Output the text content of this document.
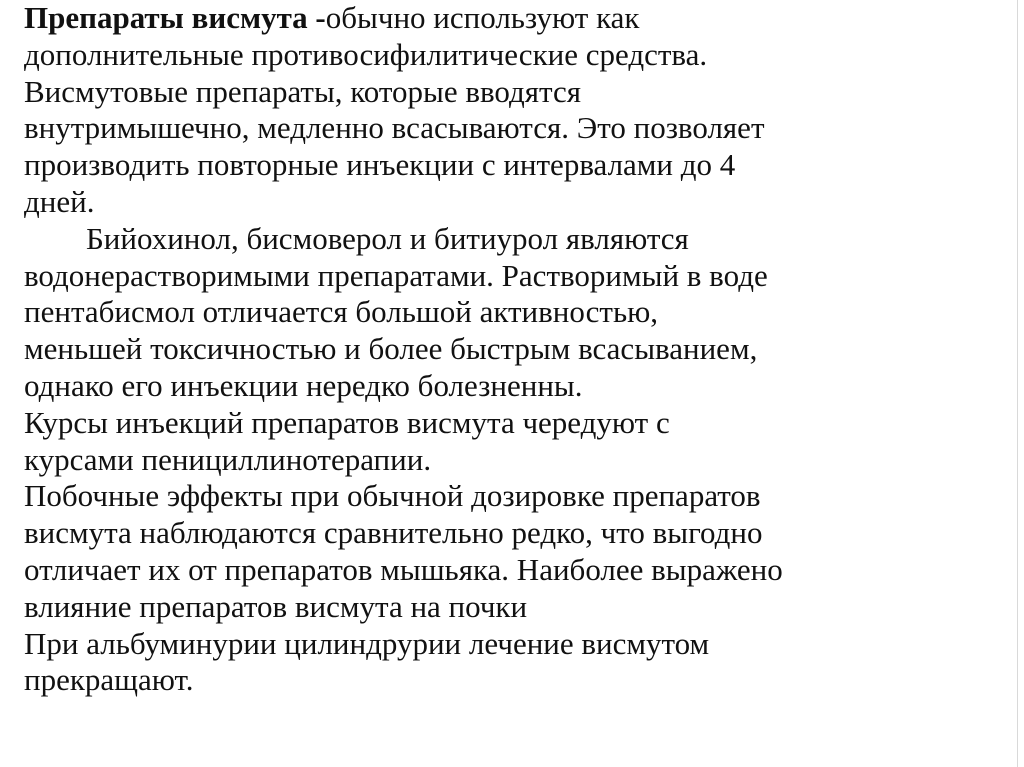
Препараты висмута -обычно используют как
дополнительные противосифилитические средства.
Висмутовые препараты, которые вводятся
внутримышечно, медленно всасываются. Это позволяет
производить повторные инъекции с интервалами до 4
дней.

Бийохинол, бисмоверол и битиурол являются
водонерастворимыми препаратами. Растворимый в воде
пентабисмол отличается большой активностью,
меньшей токсичностью и более быстрым всасыванием,
однако его инъекции нередко болезненны.

Курсы инъекций препаратов висмута чередуют с
курсами пенициллинотерапии.

Побочные эффекты при обычной дозировке препаратов
висмута наблюдаются сравнительно редко, что выгодно
отличает их от препаратов мышьяка. Наиболее выражено
влияние препаратов висмута на почки

При альбуминурии цилиндрурии лечение висмутом
прекращают.
